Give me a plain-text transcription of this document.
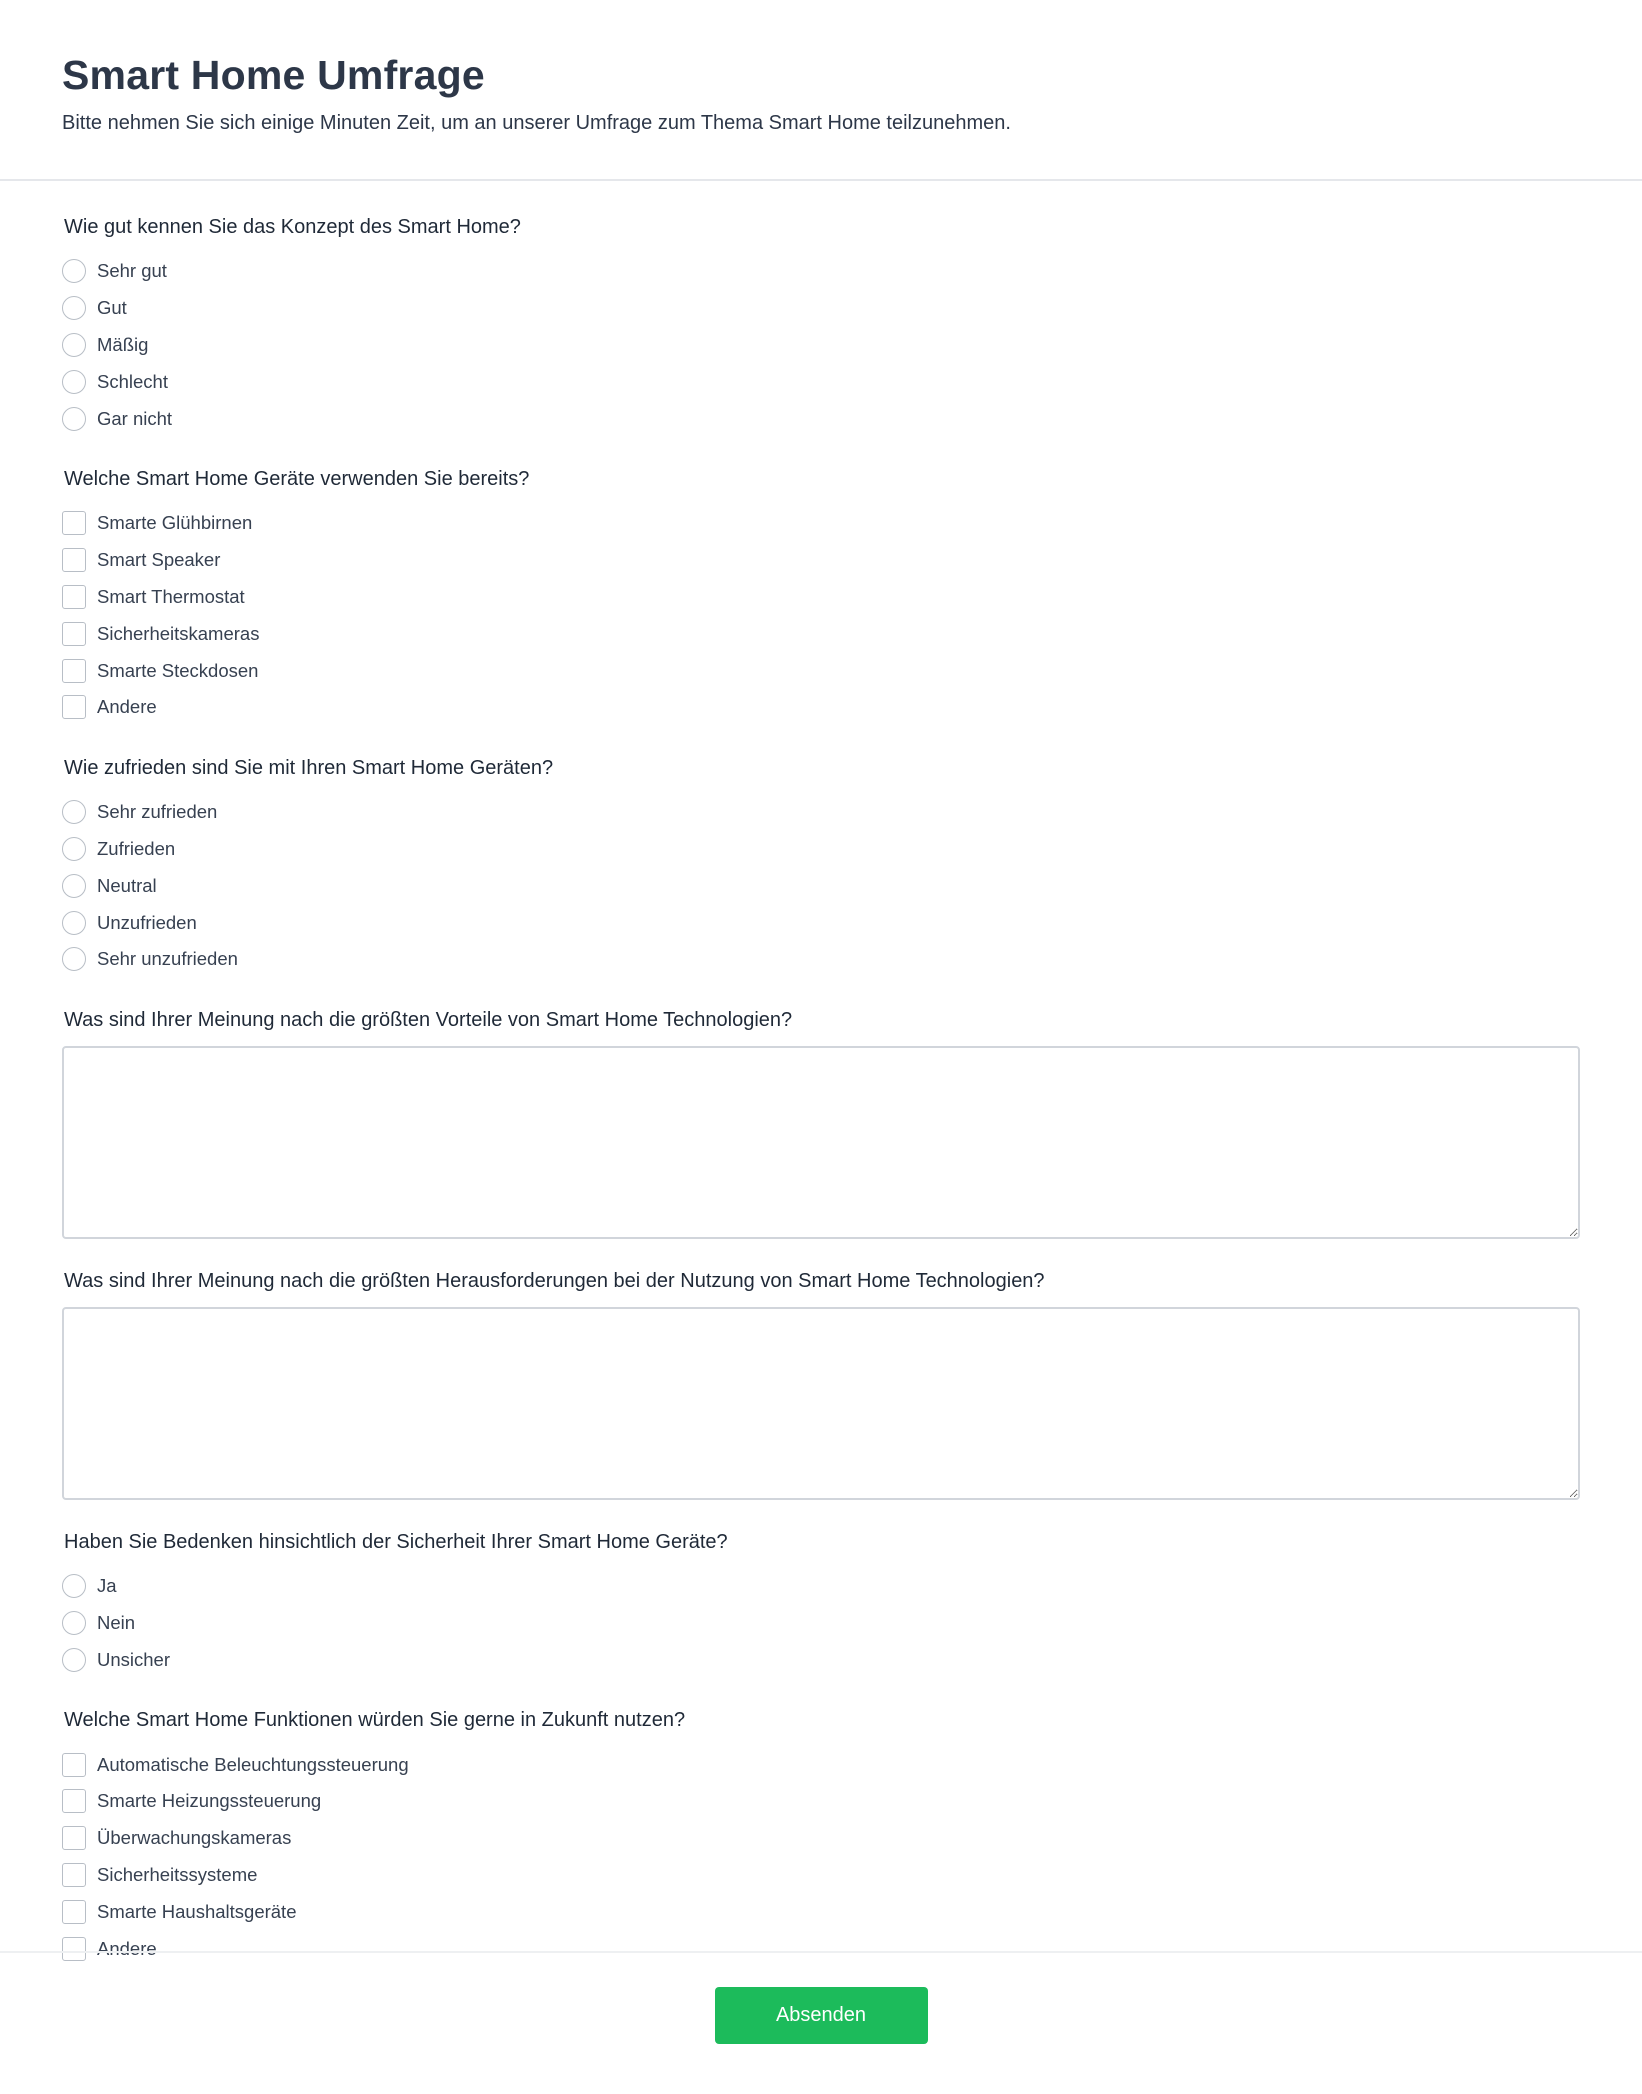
Smart Home Umfrage

Bitte nehmen Sie sich einige Minuten Zeit, um an unserer Umfrage zum Thema Smart Home teilzunehmen.

Wie gut kennen Sie das Konzept des Smart Home?
Sehr gut
Gut
Mäßig
Schlecht
Gar nicht
Welche Smart Home Geräte verwenden Sie bereits?
Smarte Glühbirnen
Smart Speaker
Smart Thermostat
Sicherheitskameras
Smarte Steckdosen
Andere
Wie zufrieden sind Sie mit Ihren Smart Home Geräten?
Sehr zufrieden
Zufrieden
Neutral
Unzufrieden
Sehr unzufrieden
Was sind Ihrer Meinung nach die größten Vorteile von Smart Home Technologien?
Was sind Ihrer Meinung nach die größten Herausforderungen bei der Nutzung von Smart Home Technologien?
Haben Sie Bedenken hinsichtlich der Sicherheit Ihrer Smart Home Geräte?
Ja
Nein
Unsicher
Welche Smart Home Funktionen würden Sie gerne in Zukunft nutzen?
Automatische Beleuchtungssteuerung
Smarte Heizungssteuerung
Überwachungskameras
Sicherheitssysteme
Smarte Haushaltsgeräte
Andere
Absenden
